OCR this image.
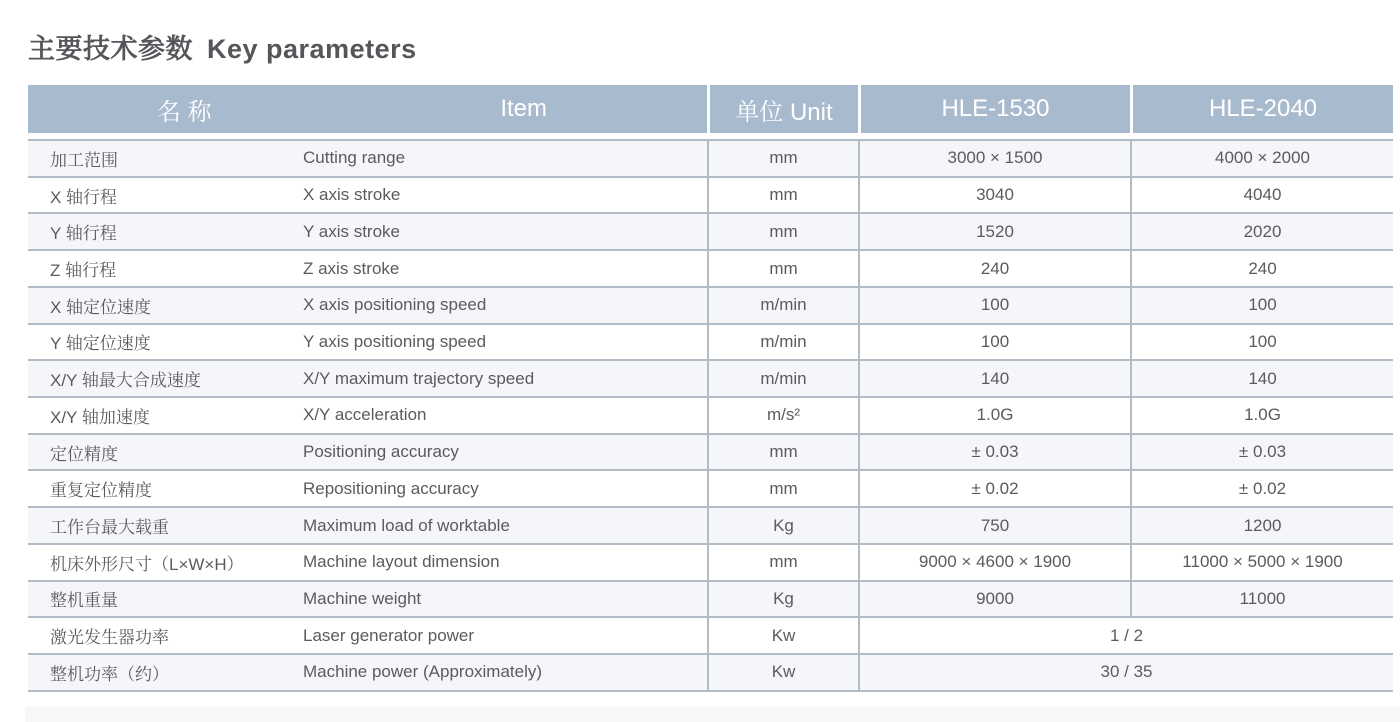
主要技术参数 Key parameters
名 称	Item	单位 Unit	HLE-1530	HLE-2040
加工范围	Cutting range	mm	3000 × 1500	4000 × 2000
X 轴行程	X axis stroke	mm	3040	4040
Y 轴行程	Y axis stroke	mm	1520	2020
Z 轴行程	Z axis stroke	mm	240	240
X 轴定位速度	X axis positioning speed	m/min	100	100
Y 轴定位速度	Y axis positioning speed	m/min	100	100
X/Y 轴最大合成速度	X/Y maximum trajectory speed	m/min	140	140
X/Y 轴加速度	X/Y acceleration	m/s²	1.0G	1.0G
定位精度	Positioning accuracy	mm	± 0.03	± 0.03
重复定位精度	Repositioning accuracy	mm	± 0.02	± 0.02
工作台最大载重	Maximum load of worktable	Kg	750	1200
机床外形尺寸（L×W×H）	Machine layout dimension	mm	9000 × 4600 × 1900	11000 × 5000 × 1900
整机重量	Machine weight	Kg	9000	11000
激光发生器功率	Laser generator power	Kw	1 / 2
整机功率（约）	Machine power (Approximately)	Kw	30 / 35
